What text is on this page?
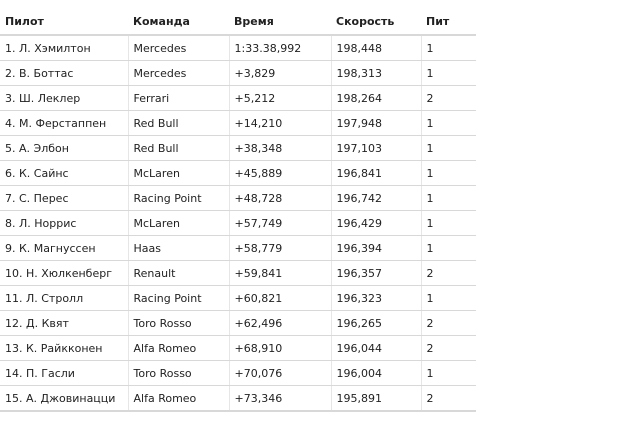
Пилот	Команда	Время	Скорость	Пит
1. Л. Хэмилтон	Mercedes	1:33.38,992	198,448	1
2. В. Боттас	Mercedes	+3,829	198,313	1
3. Ш. Леклер	Ferrari	+5,212	198,264	2
4. М. Ферстаппен	Red Bull	+14,210	197,948	1
5. А. Элбон	Red Bull	+38,348	197,103	1
6. К. Сайнс	McLaren	+45,889	196,841	1
7. С. Перес	Racing Point	+48,728	196,742	1
8. Л. Норрис	McLaren	+57,749	196,429	1
9. К. Магнуссен	Haas	+58,779	196,394	1
10. Н. Хюлкенберг	Renault	+59,841	196,357	2
11. Л. Стролл	Racing Point	+60,821	196,323	1
12. Д. Квят	Toro Rosso	+62,496	196,265	2
13. К. Райкконен	Alfa Romeo	+68,910	196,044	2
14. П. Гасли	Toro Rosso	+70,076	196,004	1
15. А. Джовинацци	Alfa Romeo	+73,346	195,891	2
